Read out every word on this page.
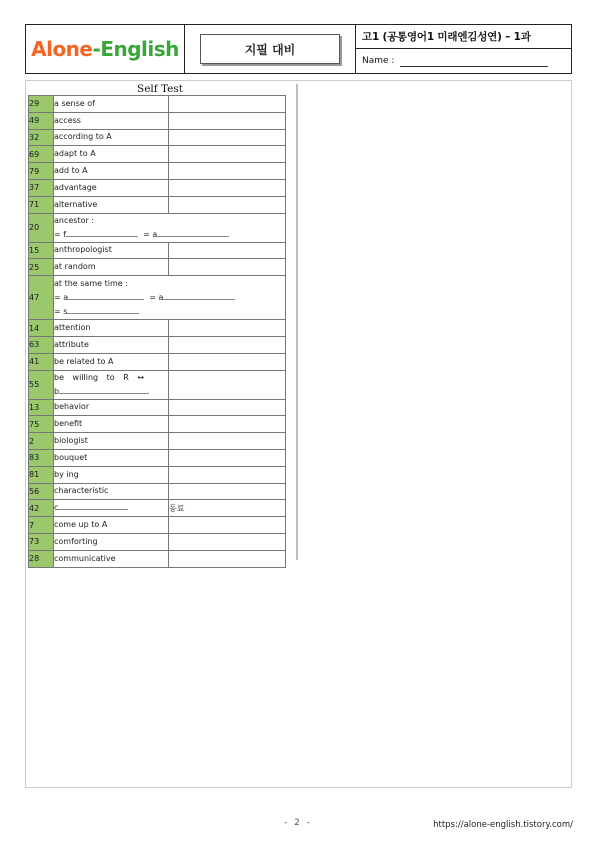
Alone - English	지필 대비
고1 (공통영어1 미래엔김성연) – 1과
Name :
Self Test
29	a sense of	
49	access	
32	according to A	
69	adapt to A	
79	add to A	
37	advantage	
71	alternative	
20	ancestor :
= f = a	

15	anthropologist	
25	at random	
47	at the same time :
= a = a
= s	

14	attention	
63	attribute	
41	be related to A	
55	be willing to R ↔
b	

13	behavior	
75	benefit	
2	biologist	
83	bouquet	
81	by ing	
56	characteristic	
42	c	동료
7	come up to A	
73	comforting	
28	communicative	
- 2 -	https://alone-english.tistory.com/
